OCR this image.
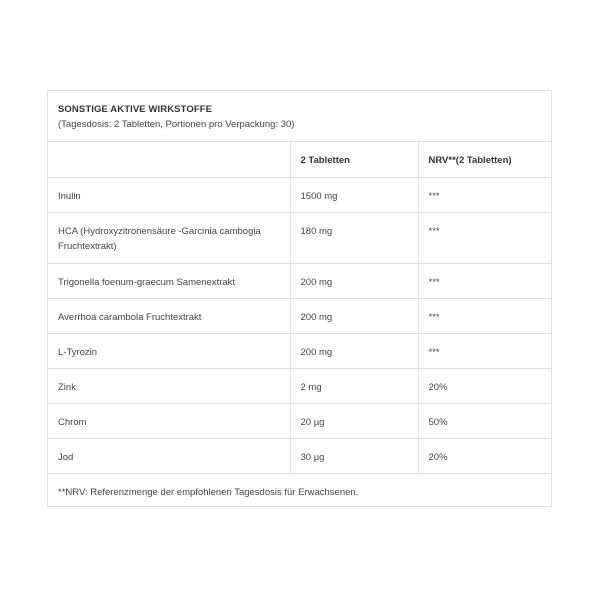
SONSTIGE AKTIVE WIRKSTOFFE
(Tagesdosis: 2 Tabletten, Portionen pro Verpackung: 30)
	2 Tabletten	NRV**(2 Tabletten)
Inulin	1500 mg	***
HCA (Hydroxyzitronensäure -Garcinia cambogia Fruchtextrakt)	180 mg	***
Trigonella foenum-graecum Samenextrakt	200 mg	***
Averrhoa carambola Fruchtextrakt	200 mg	***
L-Tyrozin	200 mg	***
Zink	2 mg	20%
Chrom	20 µg	50%
Jod	30 µg	20%
**NRV: Referenzmenge der empfohlenen Tagesdosis für Erwachsenen.		
